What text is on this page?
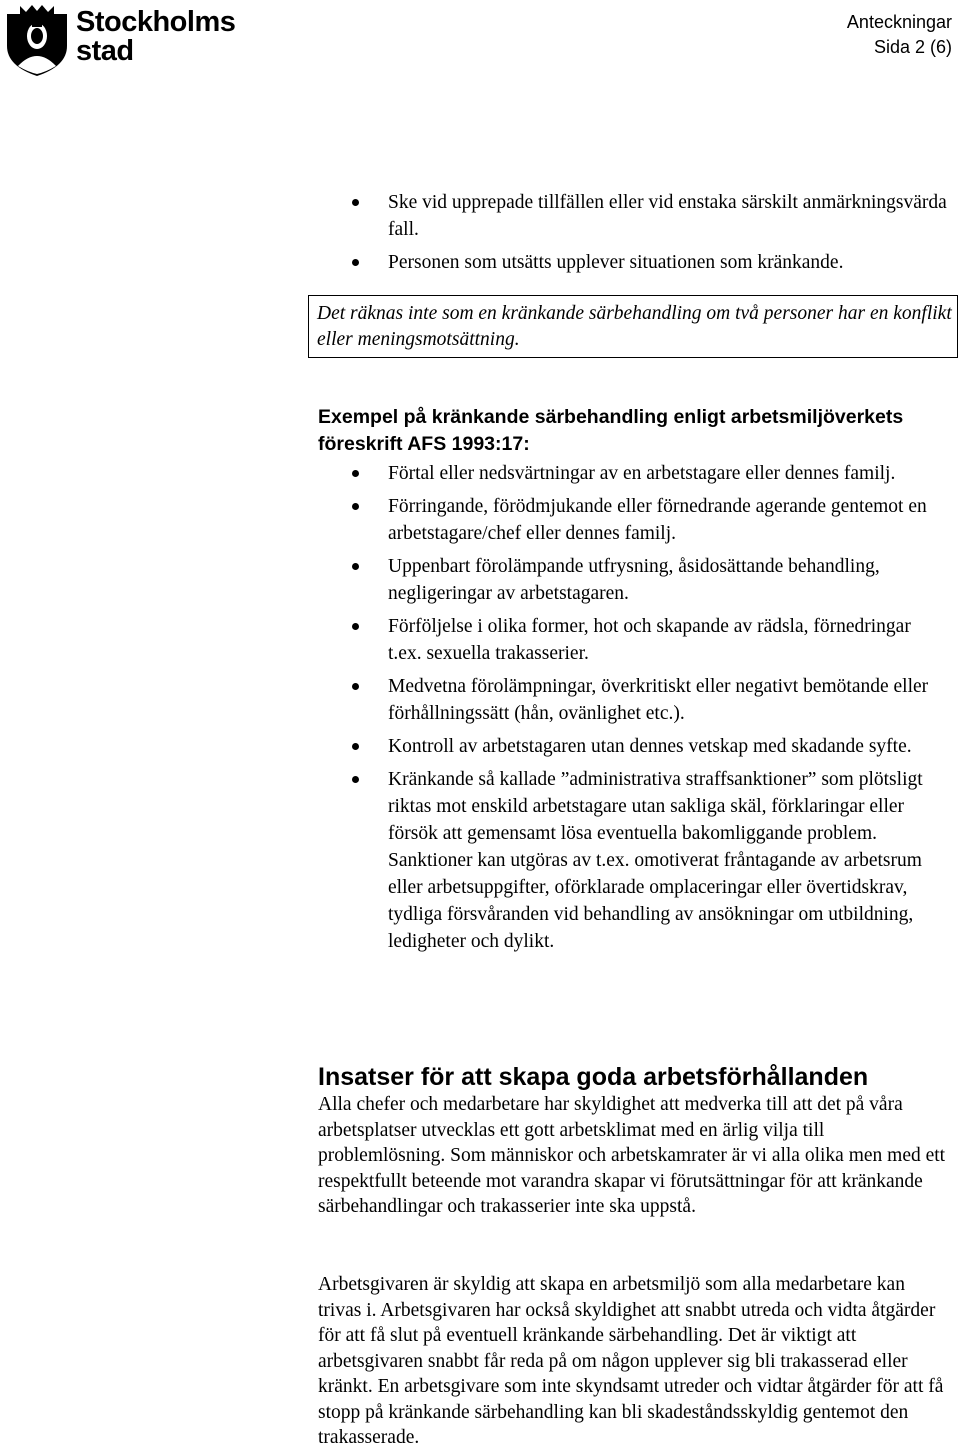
Stockholms
stad
Anteckningar
Sida 2 (6)
Ske vid upprepade tillfällen eller vid enstaka särskilt anmärkningsvärda fall.
Personen som utsätts upplever situationen som kränkande.
Det räknas inte som en kränkande särbehandling om två personer har en konflikt eller meningsmotsättning.
Exempel på kränkande särbehandling enligt arbetsmiljöverkets föreskrift AFS 1993:17:
Förtal eller nedsvärtningar av en arbetstagare eller dennes familj.
Förringande, förödmjukande eller förnedrande agerande gentemot en arbetstagare/chef eller dennes familj.
Uppenbart förolämpande utfrysning, åsidosättande behandling, negligeringar av arbetstagaren.
Förföljelse i olika former, hot och skapande av rädsla, förnedringar t.ex. sexuella trakasserier.
Medvetna förolämpningar, överkritiskt eller negativt bemötande eller förhållningssätt (hån, ovänlighet etc.).
Kontroll av arbetstagaren utan dennes vetskap med skadande syfte.
Kränkande så kallade ”administrativa straffsanktioner” som plötsligt riktas mot enskild arbetstagare utan sakliga skäl, förklaringar eller försök att gemensamt lösa eventuella bakomliggande problem. Sanktioner kan utgöras av t.ex. omotiverat fråntagande av arbetsrum eller arbetsuppgifter, oförklarade omplaceringar eller övertidskrav, tydliga försvåranden vid behandling av ansökningar om utbildning, ledigheter och dylikt.
Insatser för att skapa goda arbetsförhållanden
Alla chefer och medarbetare har skyldighet att medverka till att det på våra arbetsplatser utvecklas ett gott arbetsklimat med en ärlig vilja till problemlösning. Som människor och arbetskamrater är vi alla olika men med ett respektfullt beteende mot varandra skapar vi förutsättningar för att kränkande särbehandlingar och trakasserier inte ska uppstå.
Arbetsgivaren är skyldig att skapa en arbetsmiljö som alla medarbetare kan trivas i. Arbetsgivaren har också skyldighet att snabbt utreda och vidta åtgärder för att få slut på eventuell kränkande särbehandling. Det är viktigt att arbetsgivaren snabbt får reda på om någon upplever sig bli trakasserad eller kränkt. En arbetsgivare som inte skyndsamt utreder och vidtar åtgärder för att få stopp på kränkande särbehandling kan bli skadeståndsskyldig gentemot den trakasserade.
